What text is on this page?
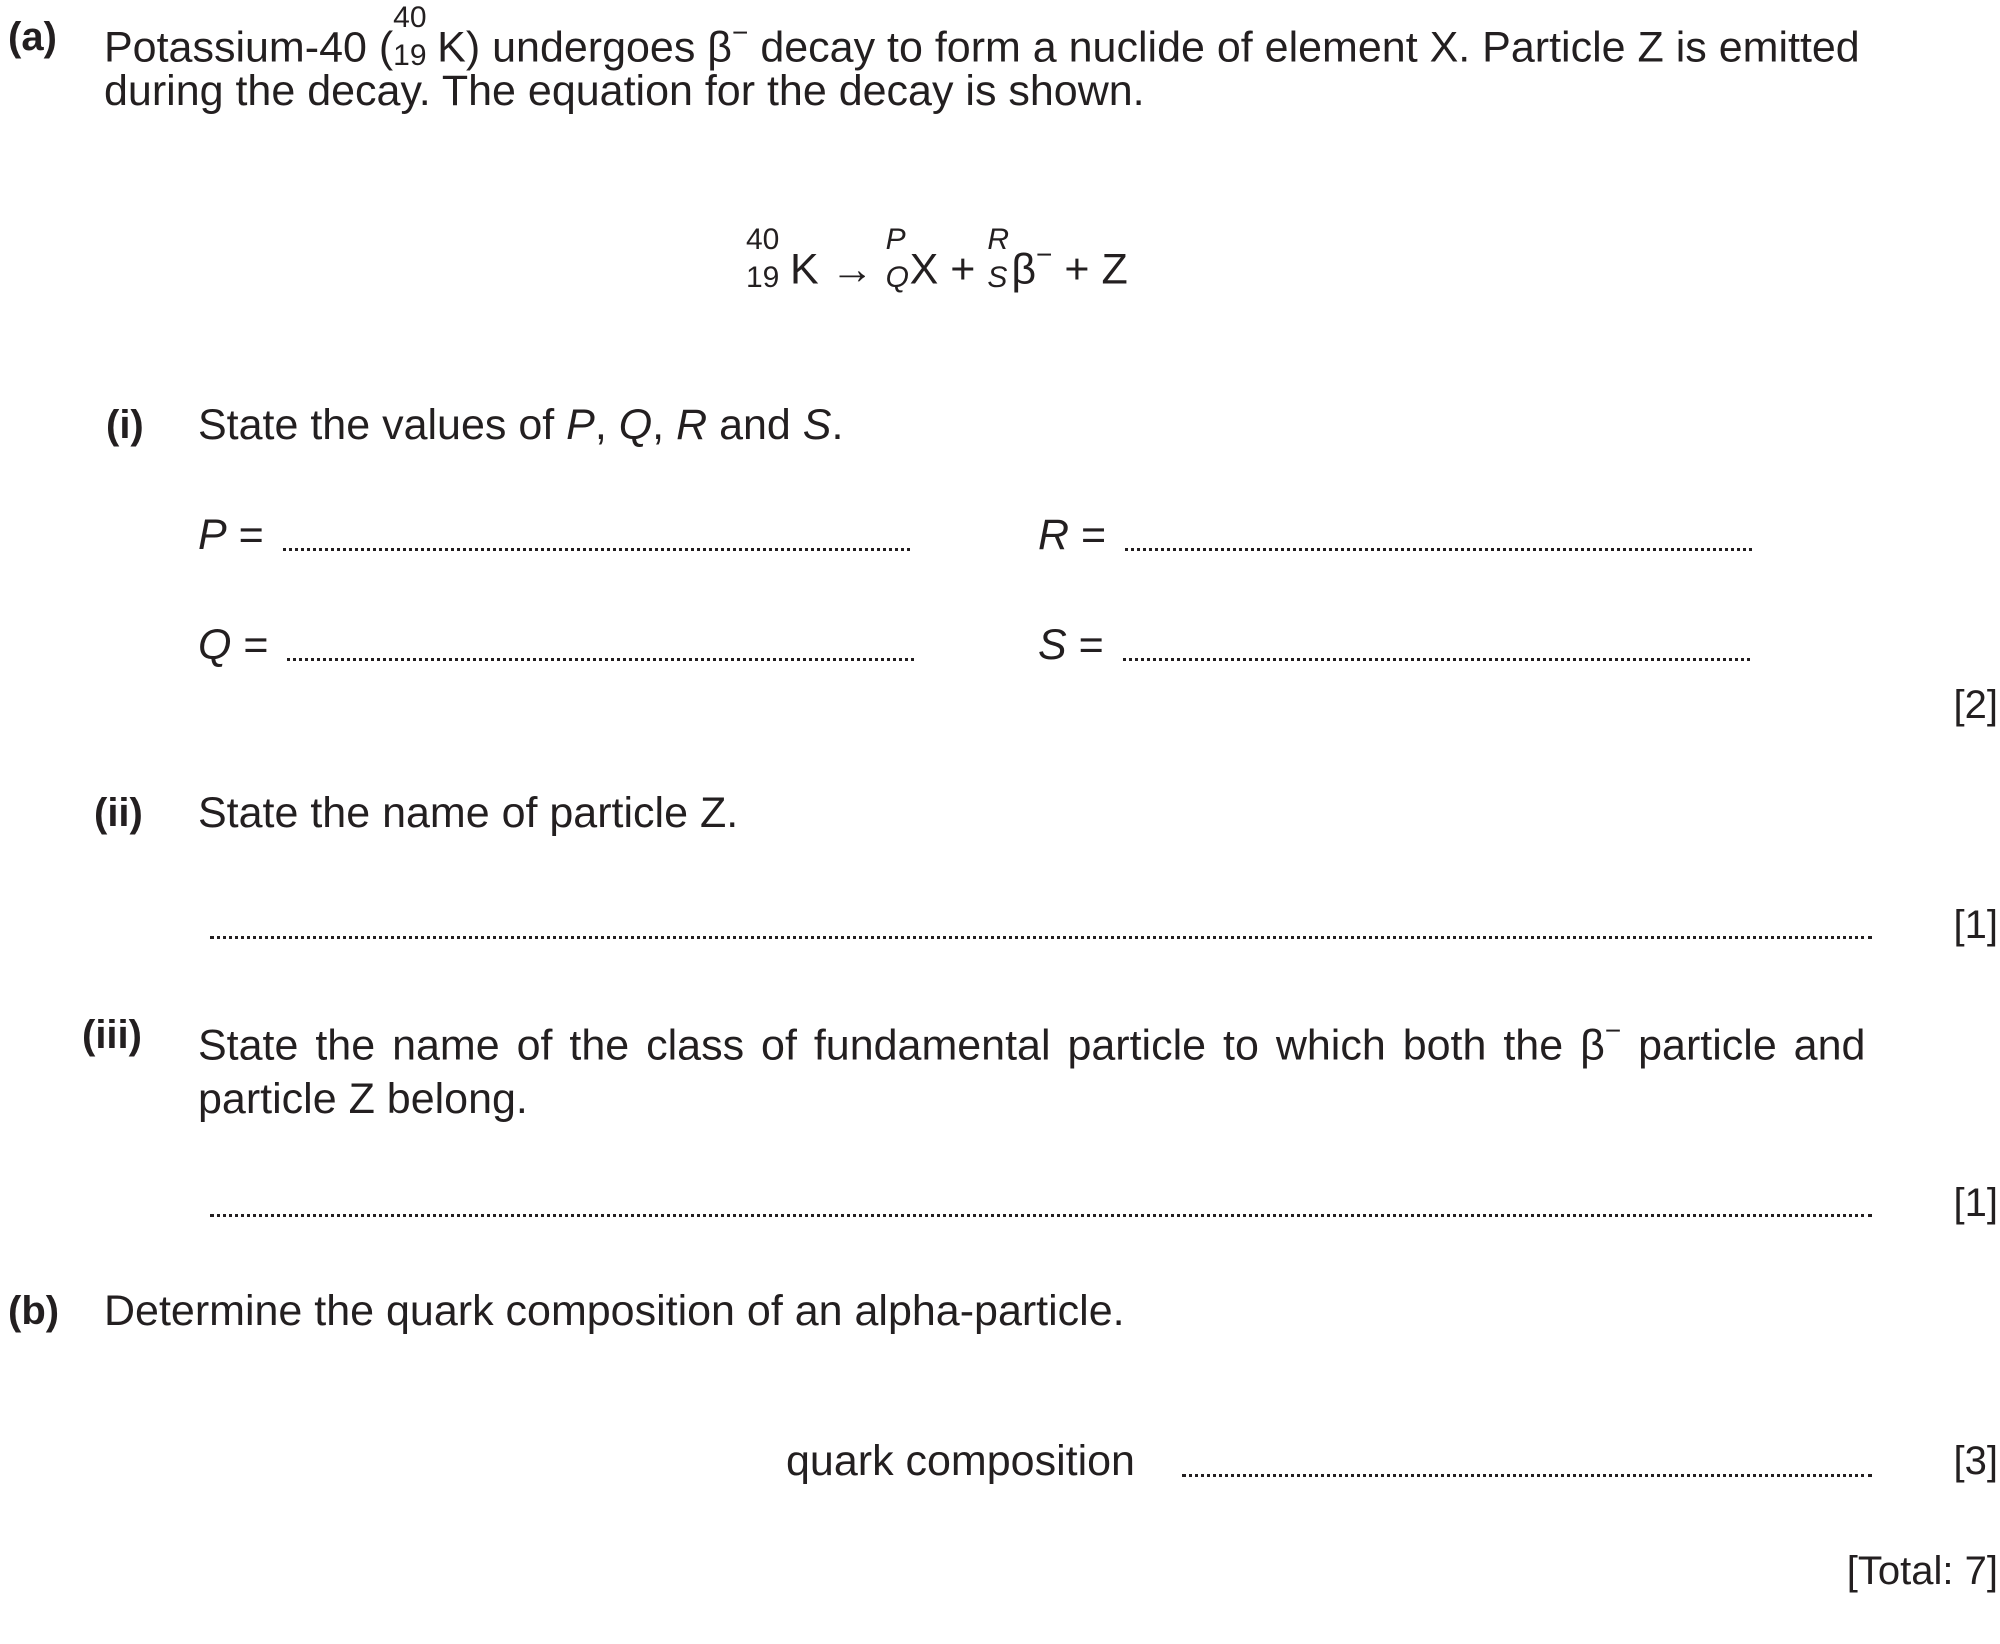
(a) Potassium-40 (
40
19 K) undergoes β− decay to form a nuclide of element X. Particle Z is emitted
during the decay. The equation for the decay is shown.
40
19 K →
P
Q X +
R
S β− + Z
(i) State the values of P, Q, R and S.
P =	R =
Q =	S =
[2]
(ii) State the name of particle Z.
[1]
(iii) State the name of the class of fundamental particle to which both the β− particle and
particle Z belong.
[1]
(b) Determine the quark composition of an alpha-particle.
quark composition	[3]
[Total: 7]
